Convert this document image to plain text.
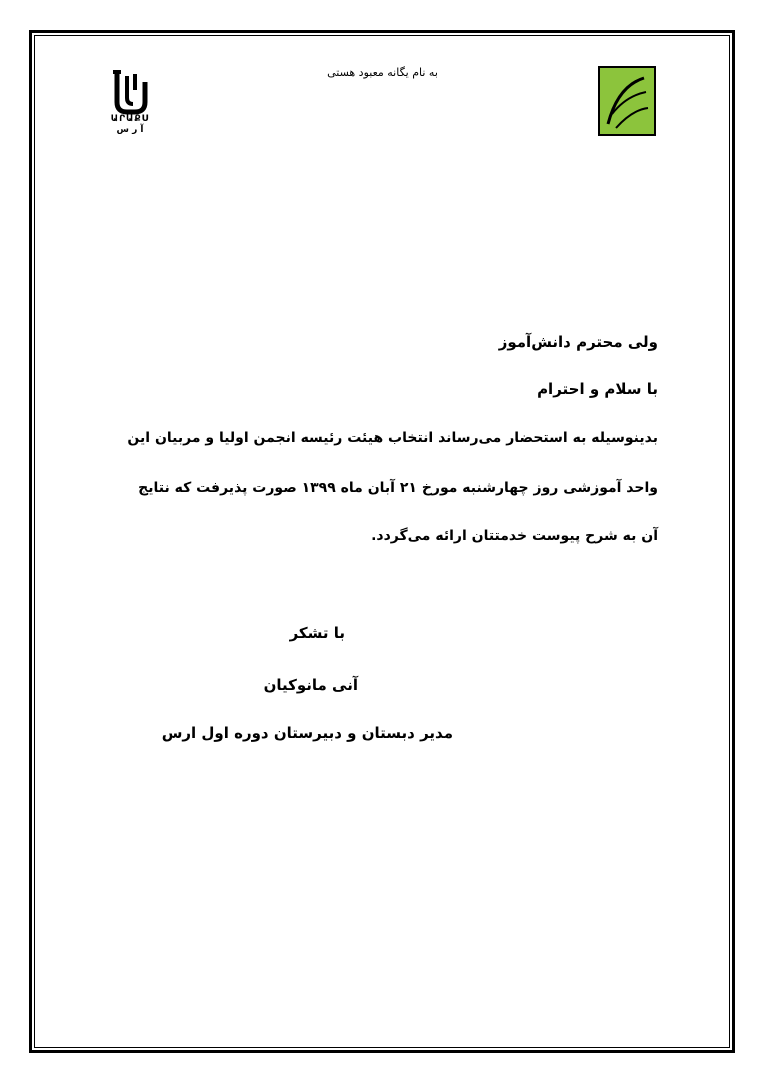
به نام یگانه معبود هستی
ԱՐԱՔՍ
آ ر س
ولی محترم دانش‌آموز
با سلام و احترام
بدینوسیله به استحضار می‌رساند انتخاب هیئت رئیسه انجمن اولیا و مربیان این
واحد آموزشی روز چهارشنبه مورخ ۲۱ آبان ماه ۱۳۹۹ صورت پذیرفت که نتایج
آن به شرح پیوست خدمتتان ارائه می‌گردد.
با تشکر
آنی مانوکیان
مدیر دبستان و دبیرستان دوره اول ارس
